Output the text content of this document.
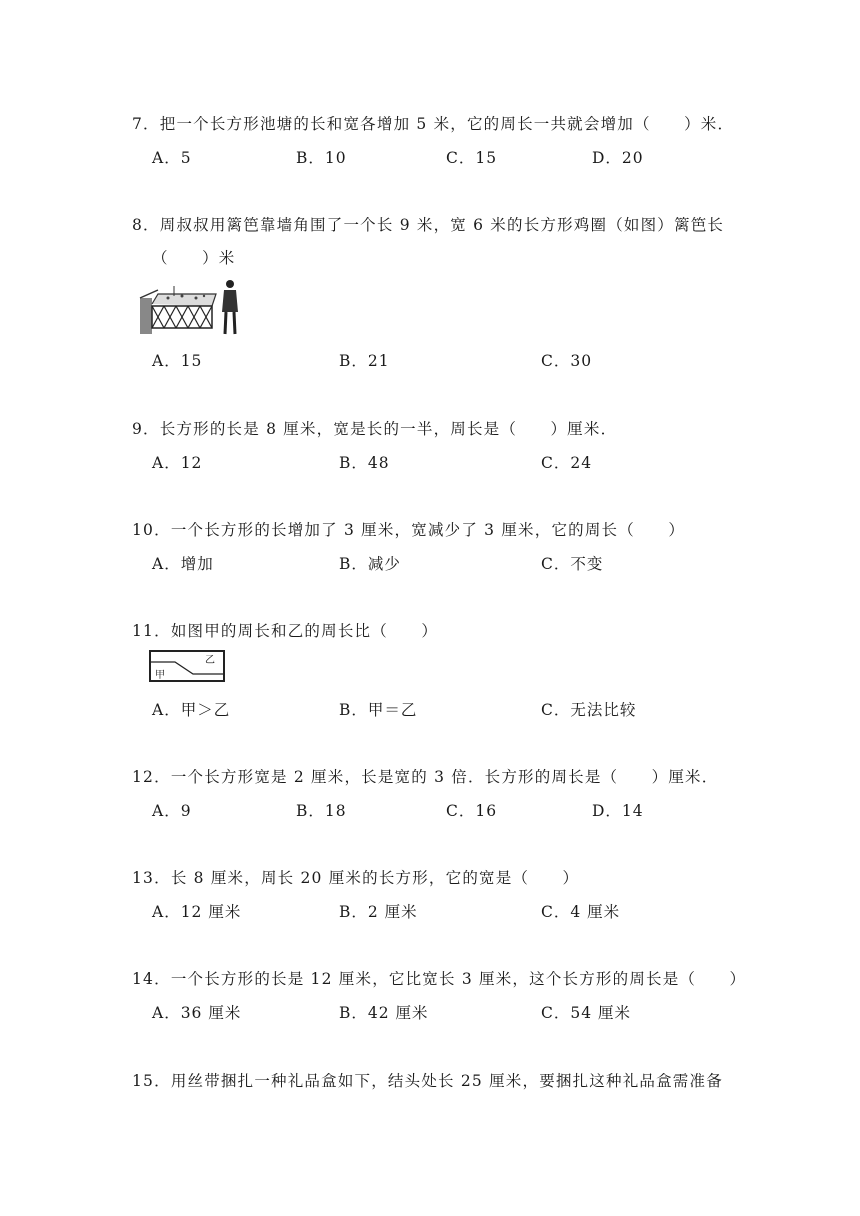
7．把一个长方形池塘的长和宽各增加 5 米，它的周长一共就会增加（　　）米．
A．5	B．10	C．15	D．20
8．周叔叔用篱笆靠墙角围了一个长 9 米，宽 6 米的长方形鸡圈（如图）篱笆长
（　　）米
A．15	B．21	C．30
9．长方形的长是 8 厘米，宽是长的一半，周长是（　　）厘米．
A．12	B．48	C．24
10．一个长方形的长增加了 3 厘米，宽减少了 3 厘米，它的周长（　　）
A．增加	B．减少	C．不变
11．如图甲的周长和乙的周长比（　　）
甲
乙
A．甲＞乙	B．甲＝乙	C．无法比较
12．一个长方形宽是 2 厘米，长是宽的 3 倍．长方形的周长是（　　）厘米．
A．9	B．18	C．16	D．14
13．长 8 厘米，周长 20 厘米的长方形，它的宽是（　　）
A．12 厘米	B．2 厘米	C．4 厘米
14．一个长方形的长是 12 厘米，它比宽长 3 厘米，这个长方形的周长是（　　）
A．36 厘米	B．42 厘米	C．54 厘米
15．用丝带捆扎一种礼品盒如下，结头处长 25 厘米，要捆扎这种礼品盒需准备
